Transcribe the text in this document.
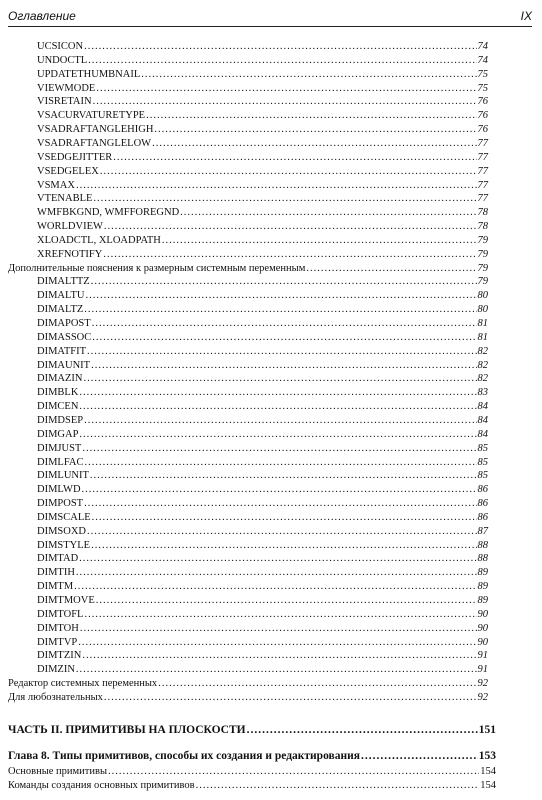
Оглавление	IX
UCSICON .....	74
UNDOCTL .....	74
UPDATETHUMBNAIL .....	75
VIEWMODE .....	75
VISRETAIN .....	76
VSACURVATURETYPE .....	76
VSADRAFTANGLEHIGH .....	76
VSADRAFTANGLELOW .....	77
VSEDGEJITTER .....	77
VSEDGELEX .....	77
VSMAX .....	77
VTENABLE .....	77
WMFBKGND, WMFFOREGND .....	78
WORLDVIEW .....	78
XLOADCTL, XLOADPATH .....	79
XREFNOTIFY .....	79
Дополнительные пояснения к размерным системным переменным .....	79
DIMALTTZ .....	79
DIMALTU .....	80
DIMALTZ .....	80
DIMAPOST .....	81
DIMASSOC .....	81
DIMATFIT .....	82
DIMAUNIT .....	82
DIMAZIN .....	82
DIMBLK .....	83
DIMCEN .....	84
DIMDSEP .....	84
DIMGAP .....	84
DIMJUST .....	85
DIMLFAC .....	85
DIMLUNIT .....	85
DIMLWD .....	86
DIMPOST .....	86
DIMSCALE .....	86
DIMSOXD .....	87
DIMSTYLE .....	88
DIMTAD .....	88
DIMTIH .....	89
DIMTM .....	89
DIMTMOVE .....	89
DIMTOFL .....	90
DIMTOH .....	90
DIMTVP .....	90
DIMTZIN .....	91
DIMZIN .....	91
Редактор системных переменных .....	92
Для любознательных .....	92
ЧАСТЬ II. ПРИМИТИВЫ НА ПЛОСКОСТИ .....	151
Глава 8. Типы примитивов, способы их создания и редактирования .....	153
Основные примитивы .....	154
Команды создания основных примитивов .....	154
